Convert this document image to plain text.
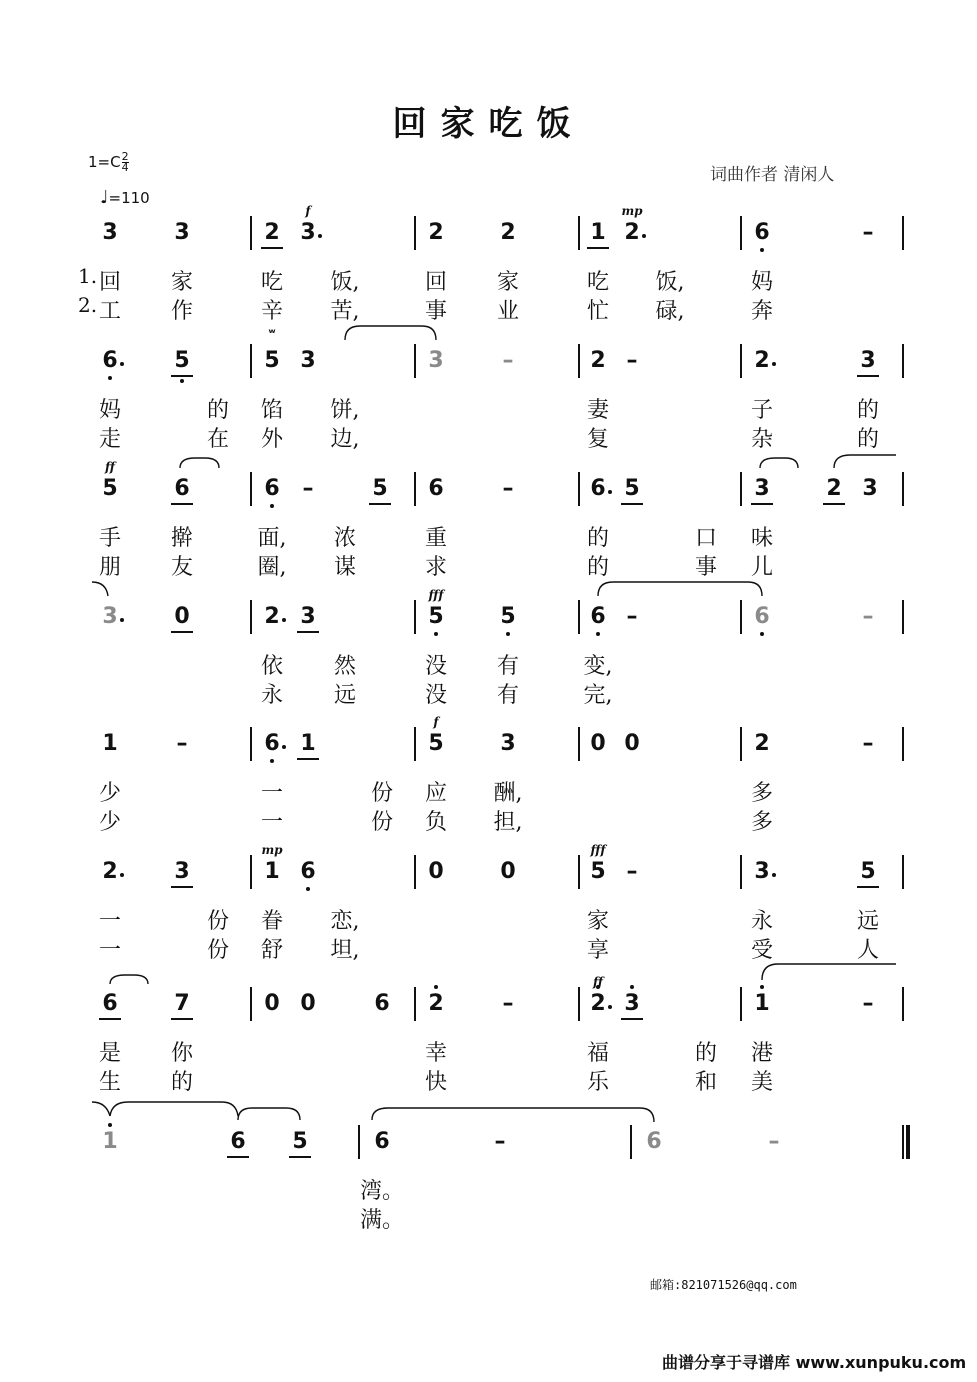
回家吃饭
$1=C \frac{2}{4}$
♩=110
词曲作者 清闲人
1.
2.
3	3	2 3
f
2	2	1 2
mp
6	–
回 家	吃 饭,	回 家	吃 饭,	妈
工 作	辛 苦,	事 业	忙 碌,	奔
6	5	5
ʷ
3	3	–	2 –	2	3
妈	的 馅 饼,	妻	子	的
走	在 外 边,	复	杂	的
5
ff
6	5
6 –	6	–	6 5	3	2 3
手 擀	面, 浓	重	的	口 味
朋 友	圈, 谋	求	的	事 儿
3	0	2 3	5
fff
5	6 –	6	–
依 然	没 有	变,
永 远	没 有	完,
1	–	6 1	5
f
3	0 0	2	–
少	一	份 应 酬,	多
少	一	份 负 担,	多
2	3	1
mp
6	0	0	5
fff
–	3	5
一	份 眷 恋,	家	永	远
一	份 舒 坦,	享	受	人
6	7	6
0 0	2	–	2
ff
3	1	–
是 你	幸	福	的 港
生 的	快	乐	和 美
1	6 5	6	–	6	–
湾。
满。
邮箱:821071526@qq.com
曲谱分享于寻谱库 www.xunpuku.com
